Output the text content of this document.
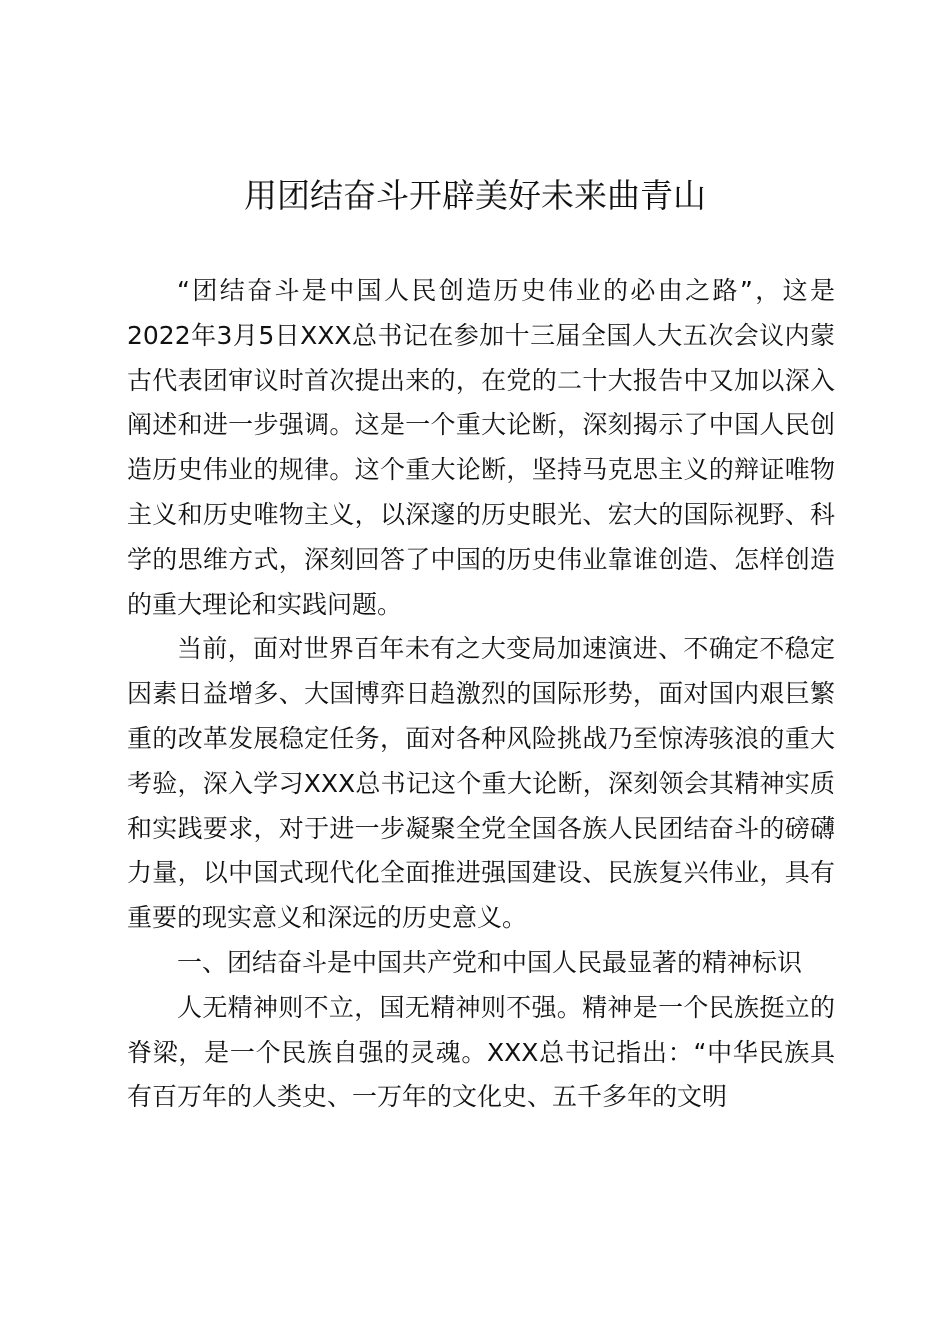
用团结奋斗开辟美好未来曲青山

“团结奋斗是中国人民创造历史伟业的必由之路”，这是2022年3月5日XXX总书记在参加十三届全国人大五次会议内蒙古代表团审议时首次提出来的，在党的二十大报告中又加以深入阐述和进一步强调。这是一个重大论断，深刻揭示了中国人民创造历史伟业的规律。这个重大论断，坚持马克思主义的辩证唯物主义和历史唯物主义，以深邃的历史眼光、宏大的国际视野、科学的思维方式，深刻回答了中国的历史伟业靠谁创造、怎样创造的重大理论和实践问题。

当前，面对世界百年未有之大变局加速演进、不确定不稳定因素日益增多、大国博弈日趋激烈的国际形势，面对国内艰巨繁重的改革发展稳定任务，面对各种风险挑战乃至惊涛骇浪的重大考验，深入学习XXX总书记这个重大论断，深刻领会其精神实质和实践要求，对于进一步凝聚全党全国各族人民团结奋斗的磅礴力量，以中国式现代化全面推进强国建设、民族复兴伟业，具有重要的现实意义和深远的历史意义。

一、团结奋斗是中国共产党和中国人民最显著的精神标识

人无精神则不立，国无精神则不强。精神是一个民族挺立的脊梁，是一个民族自强的灵魂。XXX总书记指出：“中华民族具有百万年的人类史、一万年的文化史、五千多年的文明
